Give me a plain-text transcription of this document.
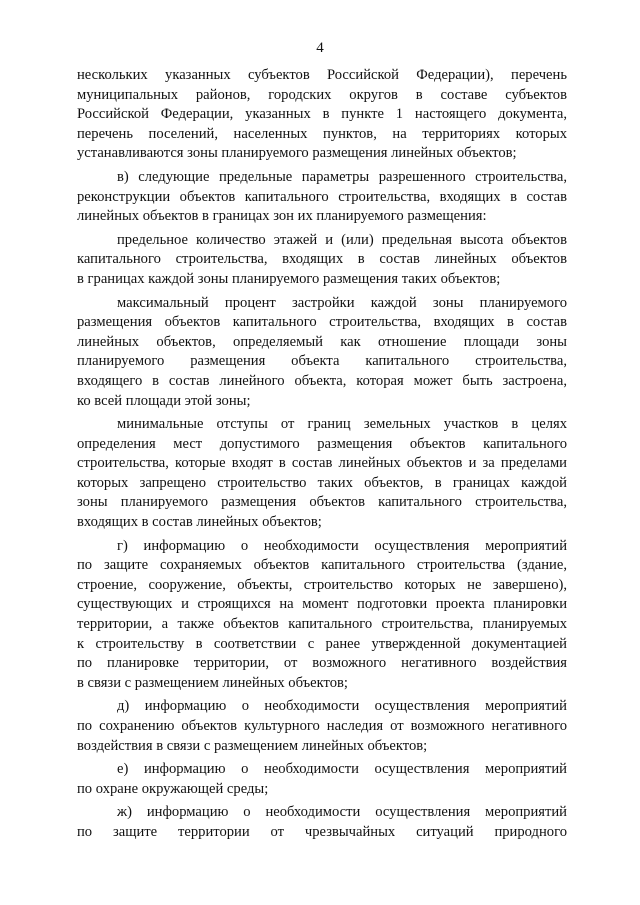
4
нескольких указанных субъектов Российской Федерации), перечень
муниципальных районов, городских округов в составе субъектов
Российской Федерации, указанных в пункте 1 настоящего документа,
перечень поселений, населенных пунктов, на территориях которых
устанавливаются зоны планируемого размещения линейных объектов;
в) следующие предельные параметры разрешенного строительства,
реконструкции объектов капитального строительства, входящих в состав
линейных объектов в границах зон их планируемого размещения:
предельное количество этажей и (или) предельная высота объектов
капитального строительства, входящих в состав линейных объектов
в границах каждой зоны планируемого размещения таких объектов;
максимальный процент застройки каждой зоны планируемого
размещения объектов капитального строительства, входящих в состав
линейных объектов, определяемый как отношение площади зоны
планируемого размещения объекта капитального строительства,
входящего в состав линейного объекта, которая может быть застроена,
ко всей площади этой зоны;
минимальные отступы от границ земельных участков в целях
определения мест допустимого размещения объектов капитального
строительства, которые входят в состав линейных объектов и за пределами
которых запрещено строительство таких объектов, в границах каждой
зоны планируемого размещения объектов капитального строительства,
входящих в состав линейных объектов;
г) информацию о необходимости осуществления мероприятий
по защите сохраняемых объектов капитального строительства (здание,
строение, сооружение, объекты, строительство которых не завершено),
существующих и строящихся на момент подготовки проекта планировки
территории, а также объектов капитального строительства, планируемых
к строительству в соответствии с ранее утвержденной документацией
по планировке территории, от возможного негативного воздействия
в связи с размещением линейных объектов;
д) информацию о необходимости осуществления мероприятий
по сохранению объектов культурного наследия от возможного негативного
воздействия в связи с размещением линейных объектов;
е) информацию о необходимости осуществления мероприятий
по охране окружающей среды;
ж) информацию о необходимости осуществления мероприятий
по защите территории от чрезвычайных ситуаций природного
